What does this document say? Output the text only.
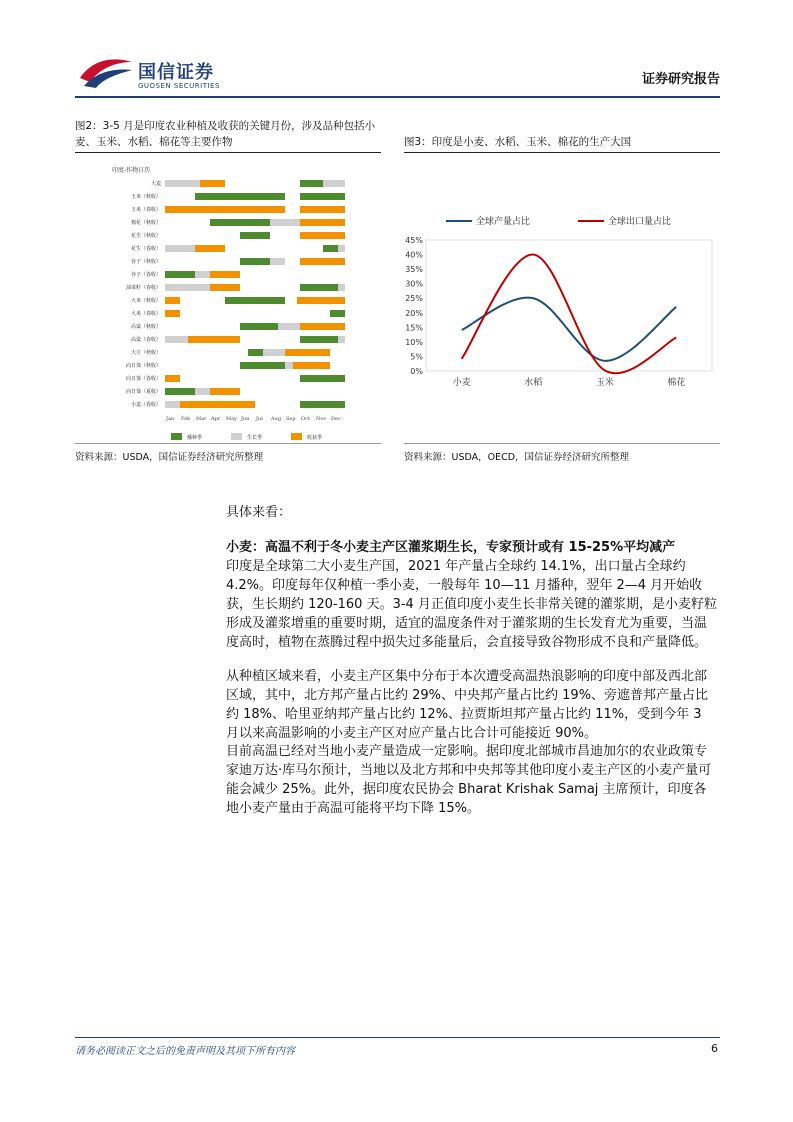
国信证券
GUOSEN SECURITIES	证券研究报告
图2：3-5 月是印度农业种植及收获的关键月份，涉及品种包括小麦、玉米、水稻、棉花等主要作物
印度-作物日历
大麦
玉米（秋收）
玉米（春收）
棉花（秋收）
花生（秋收）
花生（春收）
谷子（秋收）
谷子（春收）
油菜籽（春收）
大米（秋收）
大米（春收）
高粱（秋收）
高粱（春收）
大豆（秋收）
向日葵（秋收）
向日葵（春收）
向日葵（夏收）
小麦（春收）
Jan Feb Mar Apr May Jun Jul Aug Sep Oct Nov Dec
播种季	生长季	收获季
资料来源：USDA，国信证券经济研究所整理
图3：印度是小麦、水稻、玉米、棉花的生产大国
0%
5%
10%
15%
20%
25%
30%
35%
40%
45%
小麦	水稻	玉米	棉花
全球产量占比	全球出口量占比
资料来源：USDA，OECD，国信证券经济研究所整理
具体来看：
小麦：高温不利于冬小麦主产区灌浆期生长，专家预计或有 15-25%平均减产
印度是全球第二大小麦生产国，2021 年产量占全球约 14.1%，出口量占全球约 4.2%。印度每年仅种植一季小麦，一般每年 10—11 月播种，翌年 2—4 月开始收获，生长期约 120-160 天。3-4 月正值印度小麦生长非常关键的灌浆期，是小麦籽粒形成及灌浆增重的重要时期，适宜的温度条件对于灌浆期的生长发育尤为重要，当温度高时，植物在蒸腾过程中损失过多能量后，会直接导致谷物形成不良和产量降低。
从种植区域来看，小麦主产区集中分布于本次遭受高温热浪影响的印度中部及西北部区域，其中，北方邦产量占比约 29%、中央邦产量占比约 19%、旁遮普邦产量占比约 18%、哈里亚纳邦产量占比约 12%、拉贾斯坦邦产量占比约 11%，受到今年 3 月以来高温影响的小麦主产区对应产量占比合计可能接近 90%。
目前高温已经对当地小麦产量造成一定影响。据印度北部城市昌迪加尔的农业政策专家迪万达·库马尔预计，当地以及北方邦和中央邦等其他印度小麦主产区的小麦产量可能会减少 25%。此外，据印度农民协会 Bharat Krishak Samaj 主席预计，印度各地小麦产量由于高温可能将平均下降 15%。
请务必阅读正文之后的免责声明及其项下所有内容	6
